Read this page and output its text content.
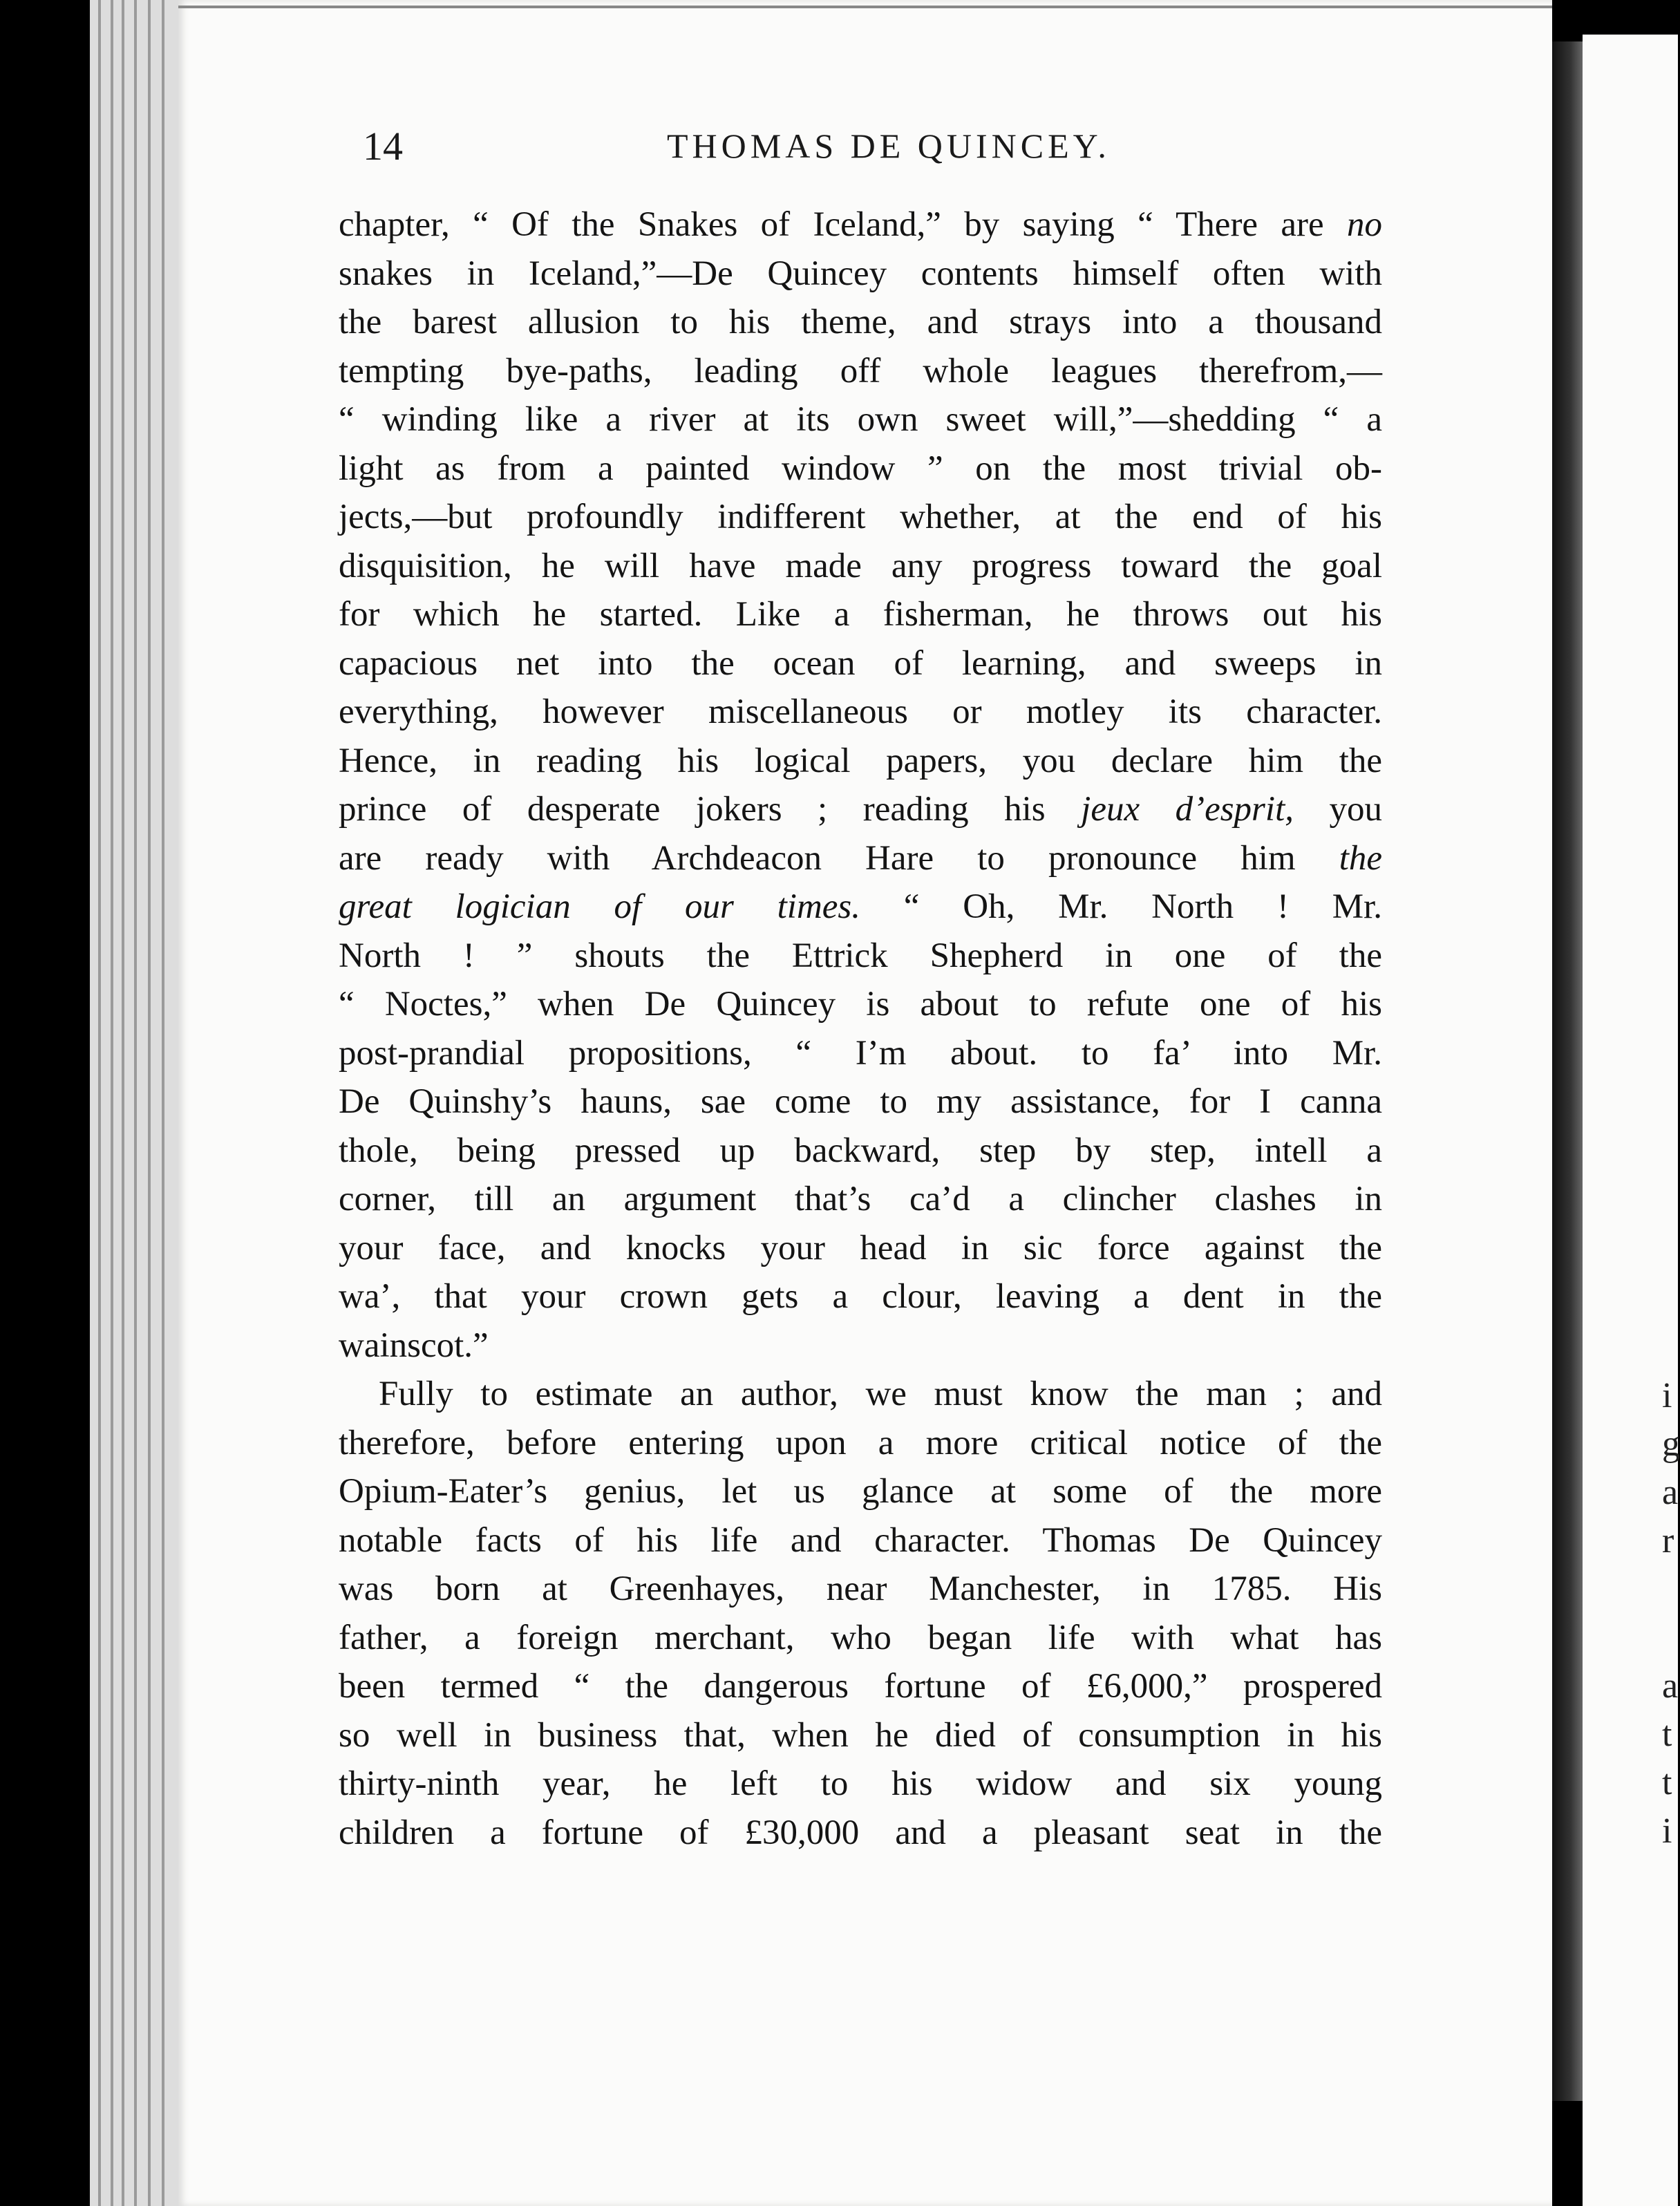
i
g
a
r
a
t
t
i
14	THOMAS DE QUINCEY.
chapter, “ Of the Snakes of Iceland,” by saying “ There are no
snakes in Iceland,”—De Quincey contents himself often with
the barest allusion to his theme, and strays into a thousand
tempting bye-paths, leading off whole leagues therefrom,—
“ winding like a river at its own sweet will,”—shedding “ a
light as from a painted window ” on the most trivial ob-
jects,—but profoundly indifferent whether, at the end of his
disquisition, he will have made any progress toward the goal
for which he started. Like a fisherman, he throws out his
capacious net into the ocean of learning, and sweeps in
everything, however miscellaneous or motley its character.
Hence, in reading his logical papers, you declare him the
prince of desperate jokers ; reading his jeux d’esprit, you
are ready with Archdeacon Hare to pronounce him the
great logician of our times. “ Oh, Mr. North ! Mr.
North ! ” shouts the Ettrick Shepherd in one of the
“ Noctes,” when De Quincey is about to refute one of his
post-prandial propositions, “ I’m about. to fa’ into Mr.
De Quinshy’s hauns, sae come to my assistance, for I canna
thole, being pressed up backward, step by step, intell a
corner, till an argument that’s ca’d a clincher clashes in
your face, and knocks your head in sic force against the
wa’, that your crown gets a clour, leaving a dent in the
wainscot.”
Fully to estimate an author, we must know the man ; and
therefore, before entering upon a more critical notice of the
Opium-Eater’s genius, let us glance at some of the more
notable facts of his life and character. Thomas De Quincey
was born at Greenhayes, near Manchester, in 1785. His
father, a foreign merchant, who began life with what has
been termed “ the dangerous fortune of £6,000,” prospered
so well in business that, when he died of consumption in his
thirty-ninth year, he left to his widow and six young
children a fortune of £30,000 and a pleasant seat in the
